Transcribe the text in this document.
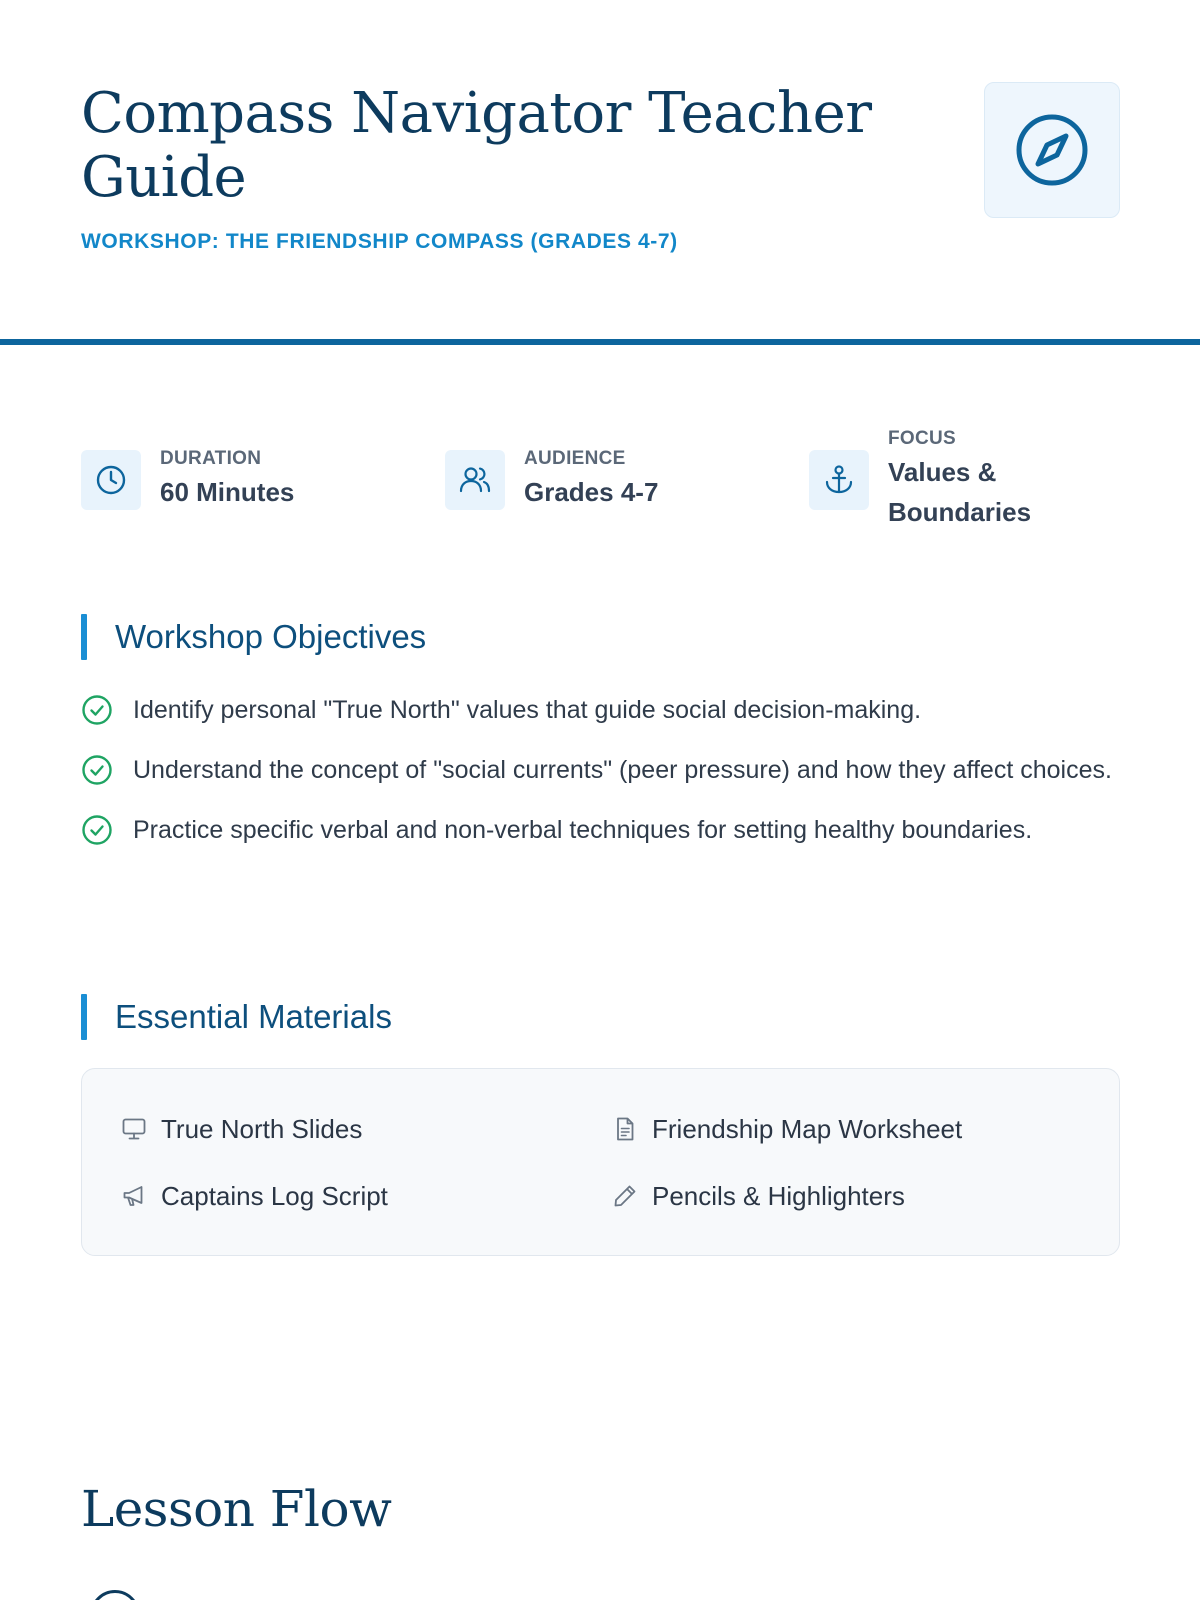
Compass Navigator Teacher Guide
WORKSHOP: THE FRIENDSHIP COMPASS (GRADES 4-7)
DURATION
60 Minutes
AUDIENCE
Grades 4-7
FOCUS
Values & Boundaries
Workshop Objectives
Identify personal "True North" values that guide social decision-making.
Understand the concept of "social currents" (peer pressure) and how they affect choices.
Practice specific verbal and non-verbal techniques for setting healthy boundaries.
Essential Materials
True North Slides	Friendship Map Worksheet
Captains Log Script	Pencils & Highlighters
Lesson Flow
